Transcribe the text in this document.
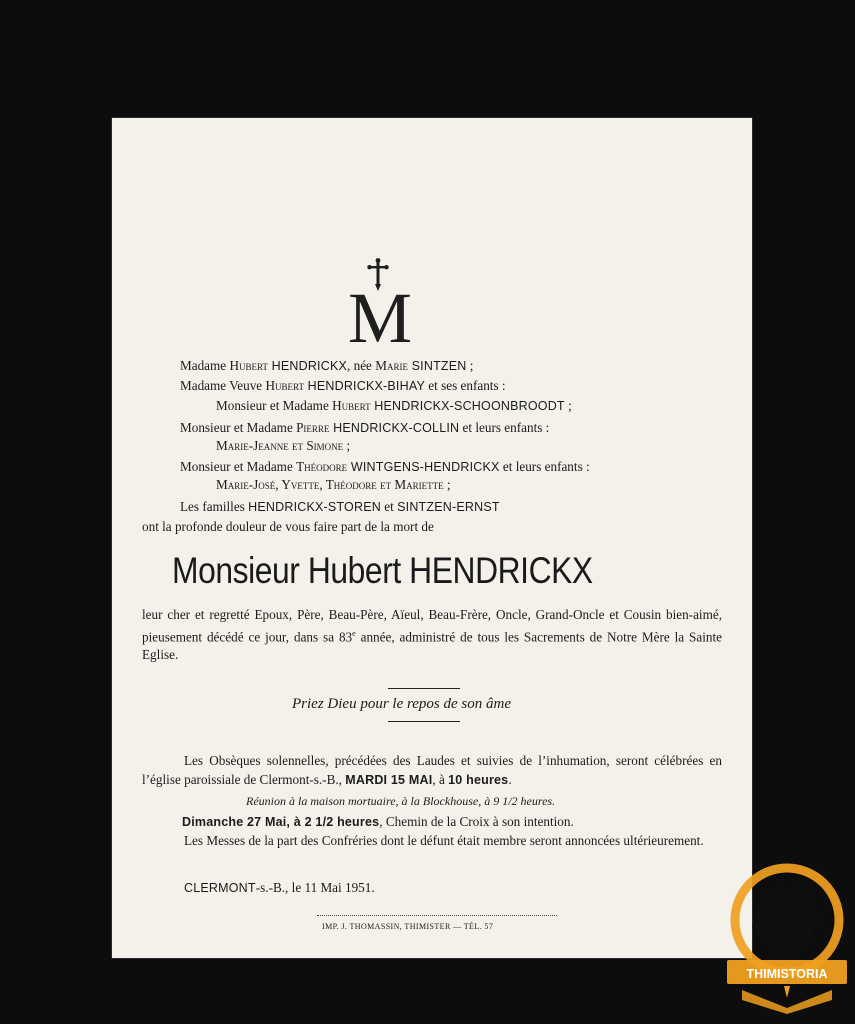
M
Madame Hubert HENDRICKX, née Marie SINTZEN ;
Madame Veuve Hubert HENDRICKX-BIHAY et ses enfants :
Monsieur et Madame Hubert HENDRICKX-SCHOONBROODT ;
Monsieur et Madame Pierre HENDRICKX-COLLIN et leurs enfants :
Marie-Jeanne et Simone ;
Monsieur et Madame Théodore WINTGENS-HENDRICKX et leurs enfants :
Marie-José, Yvette, Théodore et Mariette ;
Les familles HENDRICKX-STOREN et SINTZEN-ERNST
ont la profonde douleur de vous faire part de la mort de
Monsieur Hubert HENDRICKX
leur cher et regretté Epoux, Père, Beau-Père, Aïeul, Beau-Frère, Oncle, Grand-Oncle et Cousin bien-aimé, pieusement décédé ce jour, dans sa 83e année, administré de tous les Sacrements de Notre Mère la Sainte Eglise.
Priez Dieu pour le repos de son âme
Les Obsèques solennelles, précédées des Laudes et suivies de l’inhumation, seront célébrées en l’église paroissiale de Clermont-s.-B., MARDI 15 MAI, à 10 heures.
Réunion à la maison mortuaire, à la Blockhouse, à 9 1/2 heures.
Dimanche 27 Mai, à 2 1/2 heures, Chemin de la Croix à son intention.
Les Messes de la part des Confréries dont le défunt était membre seront annoncées ultérieurement.
CLERMONT-s.-B., le 11 Mai 1951.
IMP. J. THOMASSIN, THIMISTER — TÉL. 57
THIMISTORIA
